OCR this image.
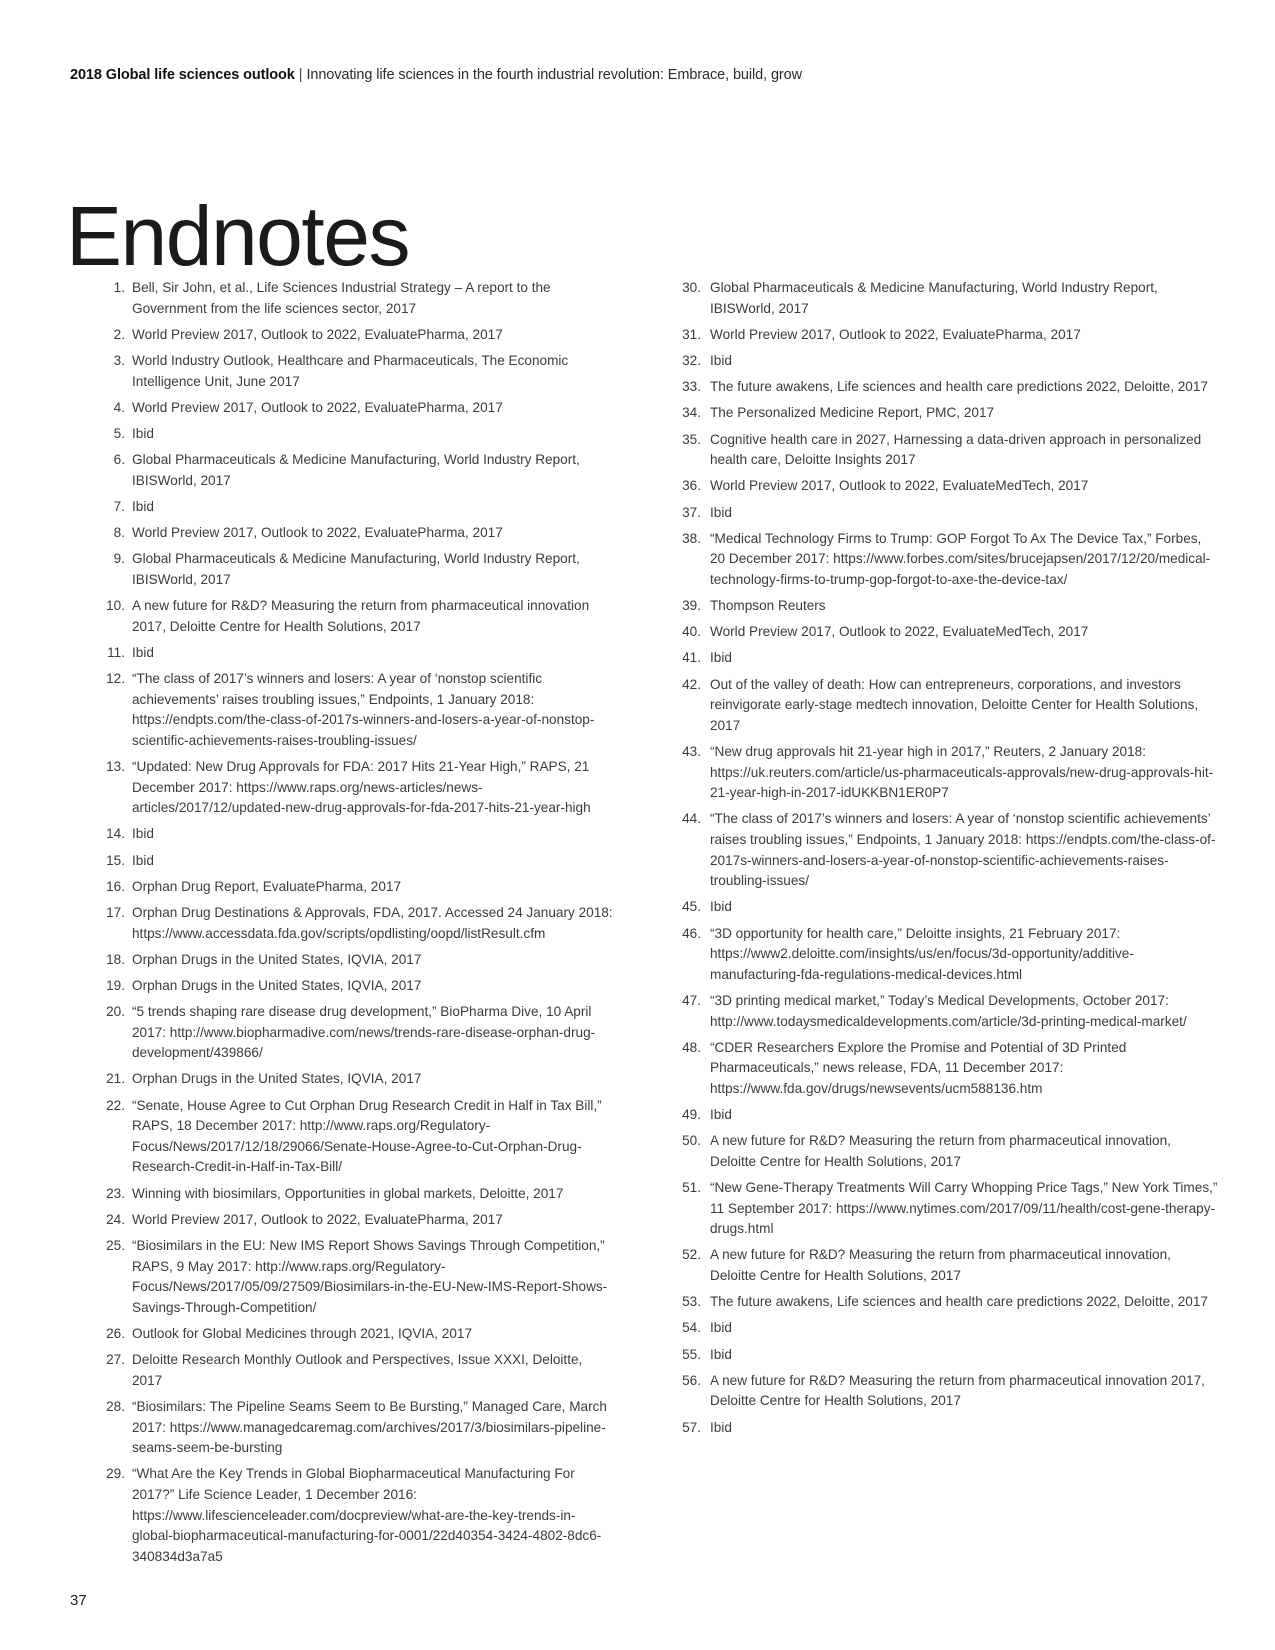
2018 Global life sciences outlook | Innovating life sciences in the fourth industrial revolution: Embrace, build, grow
Endnotes
1. Bell, Sir John, et al., Life Sciences Industrial Strategy – A report to the Government from the life sciences sector, 2017
2. World Preview 2017, Outlook to 2022, EvaluatePharma, 2017
3. World Industry Outlook, Healthcare and Pharmaceuticals, The Economic Intelligence Unit, June 2017
4. World Preview 2017, Outlook to 2022, EvaluatePharma, 2017
5. Ibid
6. Global Pharmaceuticals & Medicine Manufacturing, World Industry Report, IBISWorld, 2017
7. Ibid
8. World Preview 2017, Outlook to 2022, EvaluatePharma, 2017
9. Global Pharmaceuticals & Medicine Manufacturing, World Industry Report, IBISWorld, 2017
10. A new future for R&D? Measuring the return from pharmaceutical innovation 2017, Deloitte Centre for Health Solutions, 2017
11. Ibid
12. “The class of 2017’s winners and losers: A year of ‘nonstop scientific achievements’ raises troubling issues,” Endpoints, 1 January 2018: https://endpts.com/the-class-of-2017s-winners-and-losers-a-year-of-nonstop-scientific-achievements-raises-troubling-issues/
13. “Updated: New Drug Approvals for FDA: 2017 Hits 21-Year High,” RAPS, 21 December 2017: https://www.raps.org/news-articles/news-articles/2017/12/updated-new-drug-approvals-for-fda-2017-hits-21-year-high
14. Ibid
15. Ibid
16. Orphan Drug Report, EvaluatePharma, 2017
17. Orphan Drug Destinations & Approvals, FDA, 2017. Accessed 24 January 2018: https://www.accessdata.fda.gov/scripts/opdlisting/oopd/listResult.cfm
18. Orphan Drugs in the United States, IQVIA, 2017
19. Orphan Drugs in the United States, IQVIA, 2017
20. “5 trends shaping rare disease drug development,” BioPharma Dive, 10 April 2017: http://www.biopharmadive.com/news/trends-rare-disease-orphan-drug-development/439866/
21. Orphan Drugs in the United States, IQVIA, 2017
22. “Senate, House Agree to Cut Orphan Drug Research Credit in Half in Tax Bill,” RAPS, 18 December 2017: http://www.raps.org/Regulatory-Focus/News/2017/12/18/29066/Senate-House-Agree-to-Cut-Orphan-Drug-Research-Credit-in-Half-in-Tax-Bill/
23. Winning with biosimilars, Opportunities in global markets, Deloitte, 2017
24. World Preview 2017, Outlook to 2022, EvaluatePharma, 2017
25. “Biosimilars in the EU: New IMS Report Shows Savings Through Competition,” RAPS, 9 May 2017: http://www.raps.org/Regulatory-Focus/News/2017/05/09/27509/Biosimilars-in-the-EU-New-IMS-Report-Shows-Savings-Through-Competition/
26. Outlook for Global Medicines through 2021, IQVIA, 2017
27. Deloitte Research Monthly Outlook and Perspectives, Issue XXXI, Deloitte, 2017
28. “Biosimilars: The Pipeline Seams Seem to Be Bursting,” Managed Care, March 2017: https://www.managedcaremag.com/archives/2017/3/biosimilars-pipeline-seams-seem-be-bursting
29. “What Are the Key Trends in Global Biopharmaceutical Manufacturing For 2017?” Life Science Leader, 1 December 2016: https://www.lifescienceleader.com/docpreview/what-are-the-key-trends-in-global-biopharmaceutical-manufacturing-for-0001/22d40354-3424-4802-8dc6-340834d3a7a5
30. Global Pharmaceuticals & Medicine Manufacturing, World Industry Report, IBISWorld, 2017
31. World Preview 2017, Outlook to 2022, EvaluatePharma, 2017
32. Ibid
33. The future awakens, Life sciences and health care predictions 2022, Deloitte, 2017
34. The Personalized Medicine Report, PMC, 2017
35. Cognitive health care in 2027, Harnessing a data-driven approach in personalized health care, Deloitte Insights 2017
36. World Preview 2017, Outlook to 2022, EvaluateMedTech, 2017
37. Ibid
38. “Medical Technology Firms to Trump: GOP Forgot To Ax The Device Tax,” Forbes, 20 December 2017: https://www.forbes.com/sites/brucejapsen/2017/12/20/medical-technology-firms-to-trump-gop-forgot-to-axe-the-device-tax/
39. Thompson Reuters
40. World Preview 2017, Outlook to 2022, EvaluateMedTech, 2017
41. Ibid
42. Out of the valley of death: How can entrepreneurs, corporations, and investors reinvigorate early-stage medtech innovation, Deloitte Center for Health Solutions, 2017
43. “New drug approvals hit 21-year high in 2017,” Reuters, 2 January 2018: https://uk.reuters.com/article/us-pharmaceuticals-approvals/new-drug-approvals-hit-21-year-high-in-2017-idUKKBN1ER0P7
44. “The class of 2017’s winners and losers: A year of ‘nonstop scientific achievements’ raises troubling issues,” Endpoints, 1 January 2018: https://endpts.com/the-class-of-2017s-winners-and-losers-a-year-of-nonstop-scientific-achievements-raises-troubling-issues/
45. Ibid
46. “3D opportunity for health care,” Deloitte insights, 21 February 2017: https://www2.deloitte.com/insights/us/en/focus/3d-opportunity/additive-manufacturing-fda-regulations-medical-devices.html
47. “3D printing medical market,” Today’s Medical Developments, October 2017: http://www.todaysmedicaldevelopments.com/article/3d-printing-medical-market/
48. “CDER Researchers Explore the Promise and Potential of 3D Printed Pharmaceuticals,” news release, FDA, 11 December 2017: https://www.fda.gov/drugs/newsevents/ucm588136.htm
49. Ibid
50. A new future for R&D? Measuring the return from pharmaceutical innovation, Deloitte Centre for Health Solutions, 2017
51. “New Gene-Therapy Treatments Will Carry Whopping Price Tags,” New York Times,” 11 September 2017: https://www.nytimes.com/2017/09/11/health/cost-gene-therapy-drugs.html
52. A new future for R&D? Measuring the return from pharmaceutical innovation, Deloitte Centre for Health Solutions, 2017
53. The future awakens, Life sciences and health care predictions 2022, Deloitte, 2017
54. Ibid
55. Ibid
56. A new future for R&D? Measuring the return from pharmaceutical innovation 2017, Deloitte Centre for Health Solutions, 2017
57. Ibid
37
